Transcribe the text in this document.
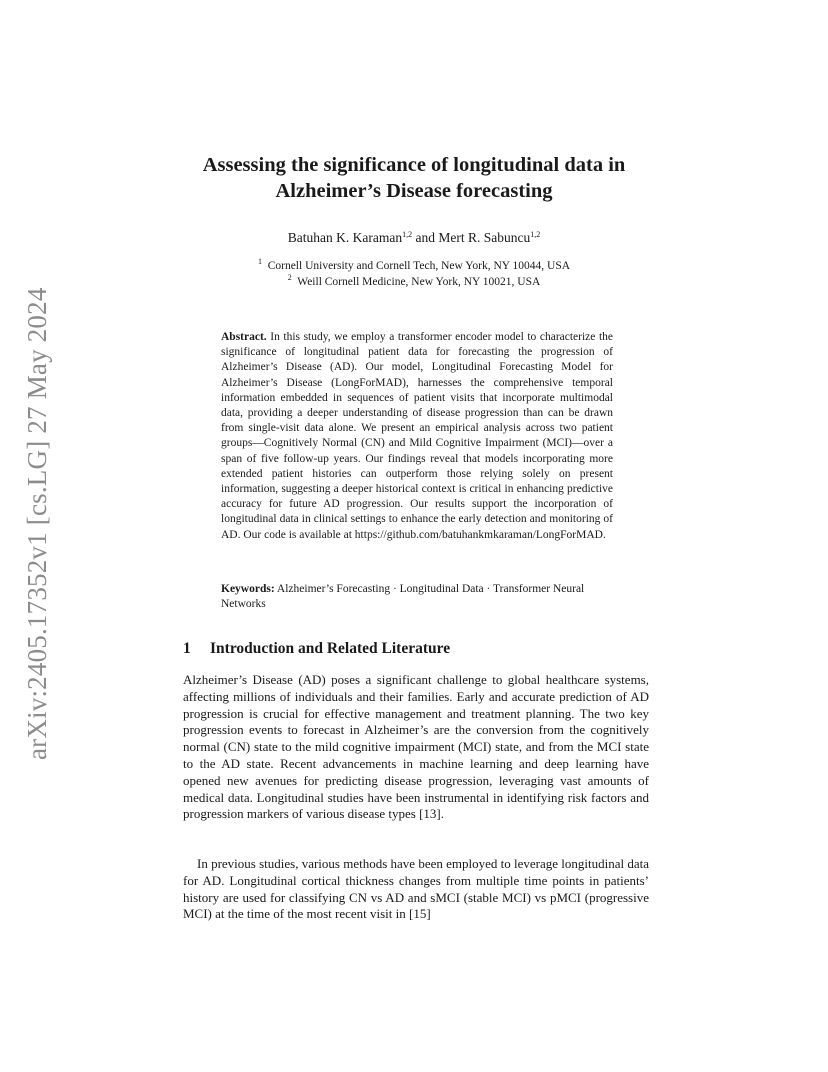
arXiv:2405.17352v1 [cs.LG] 27 May 2024
Assessing the significance of longitudinal data in
Alzheimer’s Disease forecasting
Batuhan K. Karaman$^{1,2}$ and Mert R. Sabuncu$^{1,2}$
$^1$ Cornell University and Cornell Tech, New York, NY 10044, USA
$^2$ Weill Cornell Medicine, New York, NY 10021, USA
Abstract. In this study, we employ a transformer encoder model to characterize the significance of longitudinal patient data for forecasting the progression of Alzheimer’s Disease (AD). Our model, Longitudinal Forecasting Model for Alzheimer’s Disease (LongForMAD), harnesses the comprehensive temporal information embedded in sequences of patient visits that incorporate multimodal data, providing a deeper understanding of disease progression than can be drawn from single-visit data alone. We present an empirical analysis across two patient groups—Cognitively Normal (CN) and Mild Cognitive Impairment (MCI)—over a span of five follow-up years. Our findings reveal that models incorporating more extended patient histories can outperform those relying solely on present information, suggesting a deeper historical context is critical in enhancing predictive accuracy for future AD progression. Our results support the incorporation of longitudinal data in clinical settings to enhance the early detection and monitoring of AD. Our code is available at https://github.com/batuhankmkaraman/LongForMAD.
Keywords: Alzheimer’s Forecasting · Longitudinal Data · Transformer Neural Networks
1 Introduction and Related Literature

Alzheimer’s Disease (AD) poses a significant challenge to global healthcare systems, affecting millions of individuals and their families. Early and accurate prediction of AD progression is crucial for effective management and treatment planning. The two key progression events to forecast in Alzheimer’s are the conversion from the cognitively normal (CN) state to the mild cognitive impairment (MCI) state, and from the MCI state to the AD state. Recent advancements in machine learning and deep learning have opened new avenues for predicting disease progression, leveraging vast amounts of medical data. Longitudinal studies have been instrumental in identifying risk factors and progression markers of various disease types [13].

In previous studies, various methods have been employed to leverage longitudinal data for AD. Longitudinal cortical thickness changes from multiple time points in patients’ history are used for classifying CN vs AD and sMCI (stable MCI) vs pMCI (progressive MCI) at the time of the most recent visit in [15]
